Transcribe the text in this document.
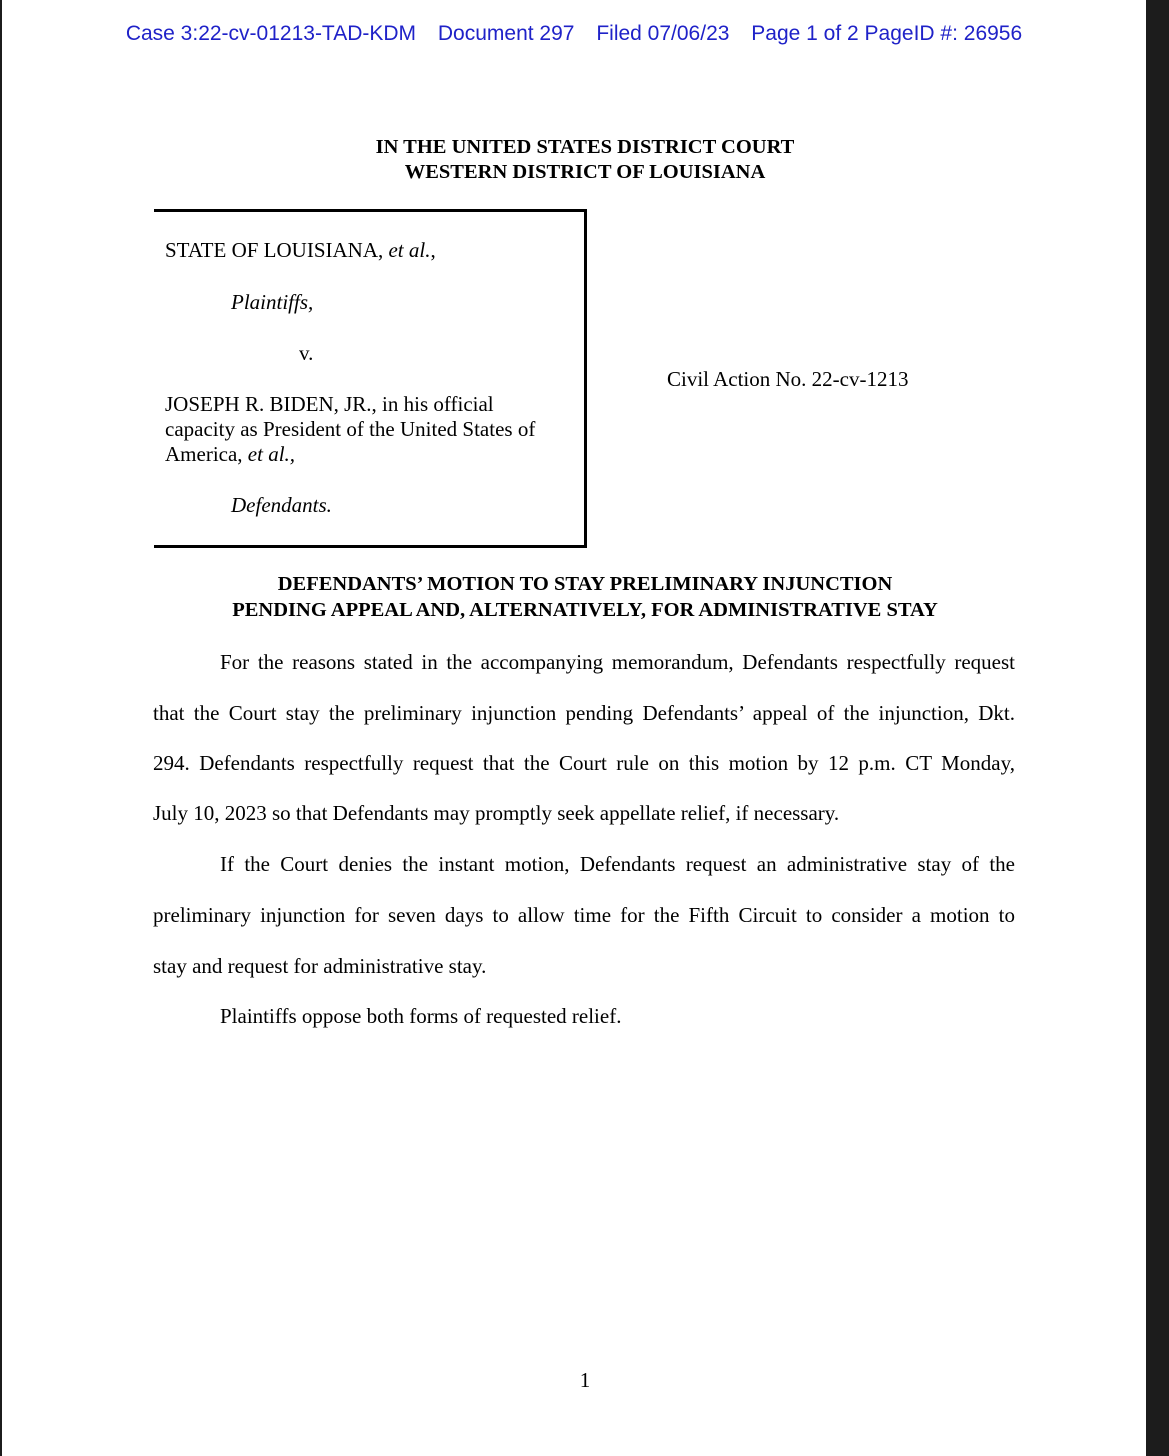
Case 3:22-cv-01213-TAD-KDM Document 297 Filed 07/06/23 Page 1 of 2 PageID #: 26956
IN THE UNITED STATES DISTRICT COURT
WESTERN DISTRICT OF LOUISIANA
STATE OF LOUISIANA, et al.,
Plaintiffs,
v.
JOSEPH R. BIDEN, JR., in his official
capacity as President of the United States of
America, et al.,
Defendants.
Civil Action No. 22-cv-1213
DEFENDANTS’ MOTION TO STAY PRELIMINARY INJUNCTION
PENDING APPEAL AND, ALTERNATIVELY, FOR ADMINISTRATIVE STAY
For the reasons stated in the accompanying memorandum, Defendants respectfully request
that the Court stay the preliminary injunction pending Defendants’ appeal of the injunction, Dkt.
294. Defendants respectfully request that the Court rule on this motion by 12 p.m. CT Monday,
July 10, 2023 so that Defendants may promptly seek appellate relief, if necessary.
If the Court denies the instant motion, Defendants request an administrative stay of the
preliminary injunction for seven days to allow time for the Fifth Circuit to consider a motion to
stay and request for administrative stay.
Plaintiffs oppose both forms of requested relief.
1
